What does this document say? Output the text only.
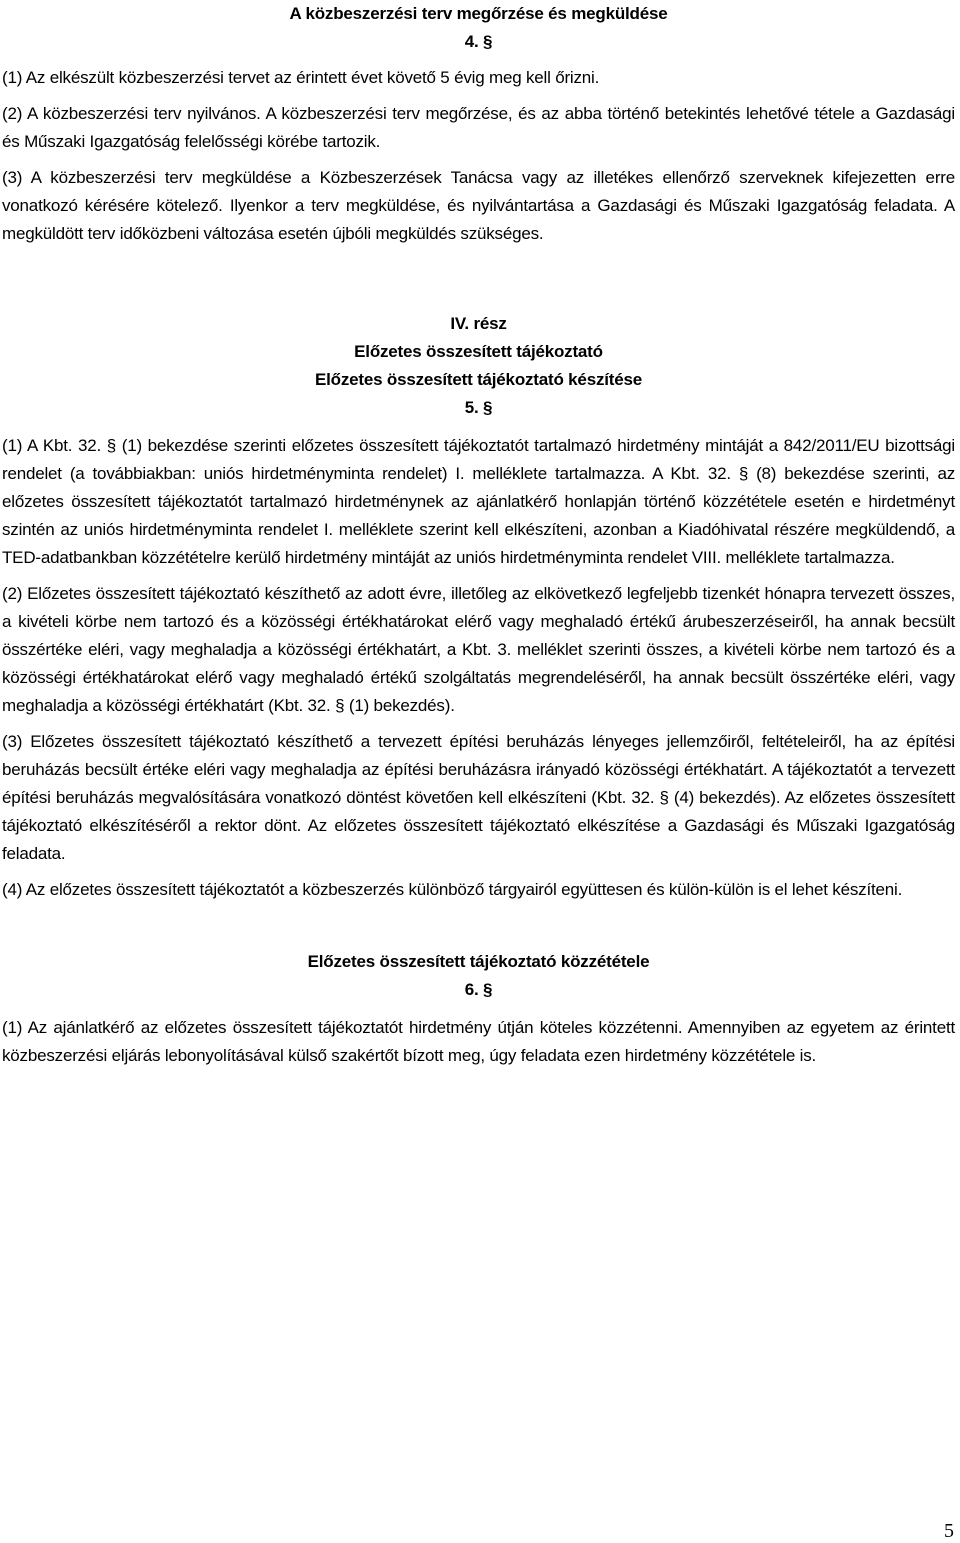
A közbeszerzési terv megőrzése és megküldése
4. §

(1) Az elkészült közbeszerzési tervet az érintett évet követő 5 évig meg kell őrizni.

(2) A közbeszerzési terv nyilvános. A közbeszerzési terv megőrzése, és az abba történő betekintés lehetővé tétele a Gazdasági és Műszaki Igazgatóság felelősségi körébe tartozik.

(3) A közbeszerzési terv megküldése a Közbeszerzések Tanácsa vagy az illetékes ellenőrző szerveknek kifejezetten erre vonatkozó kérésére kötelező. Ilyenkor a terv megküldése, és nyilvántartása a Gazdasági és Műszaki Igazgatóság feladata. A megküldött terv időközbeni változása esetén újbóli megküldés szükséges.

IV. rész
Előzetes összesített tájékoztató
Előzetes összesített tájékoztató készítése
5. §

(1) A Kbt. 32. § (1) bekezdése szerinti előzetes összesített tájékoztatót tartalmazó hirdetmény mintáját a 842/2011/EU bizottsági rendelet (a továbbiakban: uniós hirdetményminta rendelet) I. melléklete tartalmazza. A Kbt. 32. § (8) bekezdése szerinti, az előzetes összesített tájékoztatót tartalmazó hirdetménynek az ajánlatkérő honlapján történő közzététele esetén e hirdetményt szintén az uniós hirdetményminta rendelet I. melléklete szerint kell elkészíteni, azonban a Kiadóhivatal részére megküldendő, a TED-adatbankban közzétételre kerülő hirdetmény mintáját az uniós hirdetményminta rendelet VIII. melléklete tartalmazza.

(2) Előzetes összesített tájékoztató készíthető az adott évre, illetőleg az elkövetkező legfeljebb tizenkét hónapra tervezett összes, a kivételi körbe nem tartozó és a közösségi értékhatárokat elérő vagy meghaladó értékű árubeszerzéseiről, ha annak becsült összértéke eléri, vagy meghaladja a közösségi értékhatárt, a Kbt. 3. melléklet szerinti összes, a kivételi körbe nem tartozó és a közösségi értékhatárokat elérő vagy meghaladó értékű szolgáltatás megrendeléséről, ha annak becsült összértéke eléri, vagy meghaladja a közösségi értékhatárt (Kbt. 32. § (1) bekezdés).

(3) Előzetes összesített tájékoztató készíthető a tervezett építési beruházás lényeges jellemzőiről, feltételeiről, ha az építési beruházás becsült értéke eléri vagy meghaladja az építési beruházásra irányadó közösségi értékhatárt. A tájékoztatót a tervezett építési beruházás megvalósítására vonatkozó döntést követően kell elkészíteni (Kbt. 32. § (4) bekezdés). Az előzetes összesített tájékoztató elkészítéséről a rektor dönt. Az előzetes összesített tájékoztató elkészítése a Gazdasági és Műszaki Igazgatóság feladata.

(4) Az előzetes összesített tájékoztatót a közbeszerzés különböző tárgyairól együttesen és külön-külön is el lehet készíteni.

Előzetes összesített tájékoztató közzététele
6. §

(1) Az ajánlatkérő az előzetes összesített tájékoztatót hirdetmény útján köteles közzétenni. Amennyiben az egyetem az érintett közbeszerzési eljárás lebonyolításával külső szakértőt bízott meg, úgy feladata ezen hirdetmény közzététele is.

5
